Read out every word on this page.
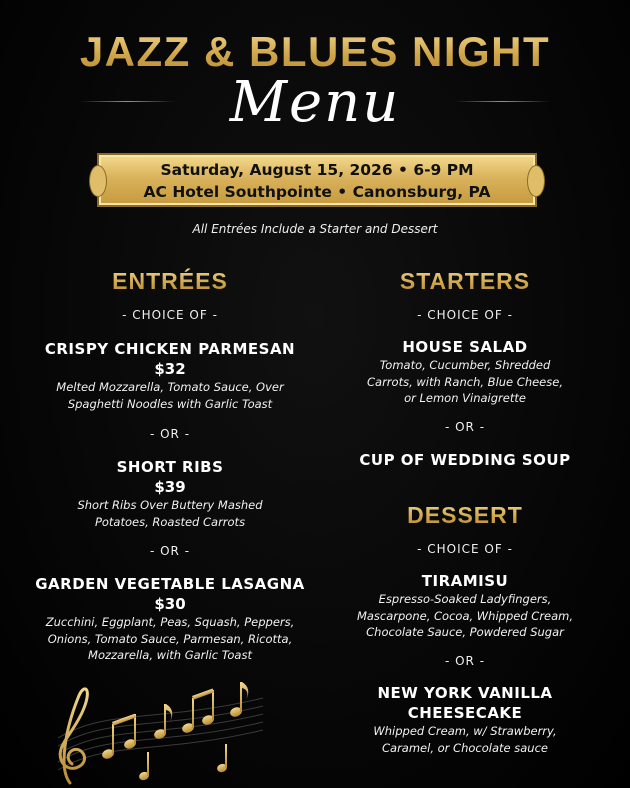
JAZZ & BLUES NIGHT
Menu
Saturday, August 15, 2026 • 6-9 PM
AC Hotel Southpointe • Canonsburg, PA
All Entrées Include a Starter and Dessert
ENTRÉES
- CHOICE OF -
CRISPY CHICKEN PARMESAN
$32
Melted Mozzarella, Tomato Sauce, Over
Spaghetti Noodles with Garlic Toast
- OR -
SHORT RIBS
$39
Short Ribs Over Buttery Mashed
Potatoes, Roasted Carrots
- OR -
GARDEN VEGETABLE LASAGNA
$30
Zucchini, Eggplant, Peas, Squash, Peppers,
Onions, Tomato Sauce, Parmesan, Ricotta,
Mozzarella, with Garlic Toast
STARTERS
- CHOICE OF -
HOUSE SALAD
Tomato, Cucumber, Shredded
Carrots, with Ranch, Blue Cheese,
or Lemon Vinaigrette
- OR -
CUP OF WEDDING SOUP
DESSERT
- CHOICE OF -
TIRAMISU
Espresso-Soaked Ladyfingers,
Mascarpone, Cocoa, Whipped Cream,
Chocolate Sauce, Powdered Sugar
- OR -
NEW YORK VANILLA
CHEESECAKE
Whipped Cream, w/ Strawberry,
Caramel, or Chocolate sauce
